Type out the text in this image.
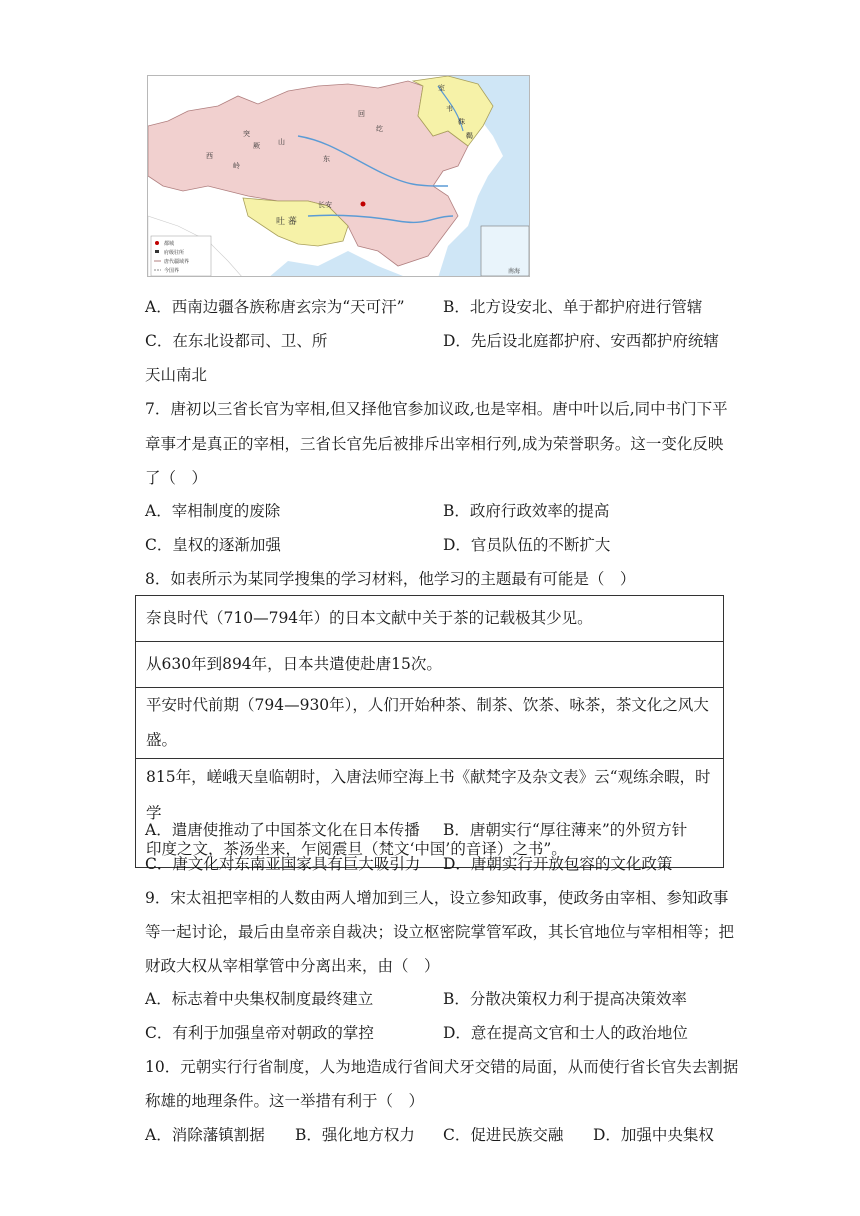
长安
吐 蕃
室
韦
靺
鞨
回
纥
突
厥	山
西	东
岭
都城
府级驻所
唐代疆域界
今国界	南海
A．西南边疆各族称唐玄宗为“天可汗” B．北方设安北、单于都护府进行管辖
C．在东北设都司、卫、所	D．先后设北庭都护府、安西都护府统辖
天山南北
7．唐初以三省长官为宰相,但又择他官参加议政,也是宰相。唐中叶以后,同中书门下平
章事才是真正的宰相，三省长官先后被排斥出宰相行列,成为荣誉职务。这一变化反映
了（　）
A．宰相制度的废除	B．政府行政效率的提高
C．皇权的逐渐加强	D．官员队伍的不断扩大
8．如表所示为某同学搜集的学习材料，他学习的主题最有可能是（　）
奈良时代（710—794年）的日本文献中关于茶的记载极其少见。
从630年到894年，日本共遣使赴唐15次。
平安时代前期（794—930年），人们开始种茶、制茶、饮茶、咏茶，茶文化之风大盛。
815年，嵯峨天皇临朝时，入唐法师空海上书《献梵字及杂文表》云“观练余暇，时学
印度之文，茶汤坐来，乍阅震旦（梵文‘中国’的音译）之书”。
A．遣唐使推动了中国茶文化在日本传播 B．唐朝实行“厚往薄来”的外贸方针
C．唐文化对东南亚国家具有巨大吸引力 D．唐朝实行开放包容的文化政策
9．宋太祖把宰相的人数由两人增加到三人，设立参知政事，使政务由宰相、参知政事
等一起讨论，最后由皇帝亲自裁决；设立枢密院掌管军政，其长官地位与宰相相等；把
财政大权从宰相掌管中分离出来，由（　）
A．标志着中央集权制度最终建立	B．分散决策权力利于提高决策效率
C．有利于加强皇帝对朝政的掌控	D．意在提高文官和士人的政治地位
10．元朝实行行省制度，人为地造成行省间犬牙交错的局面，从而使行省长官失去割据
称雄的地理条件。这一举措有利于（　）
A．消除藩镇割据 B．强化地方权力 C．促进民族交融 D．加强中央集权
